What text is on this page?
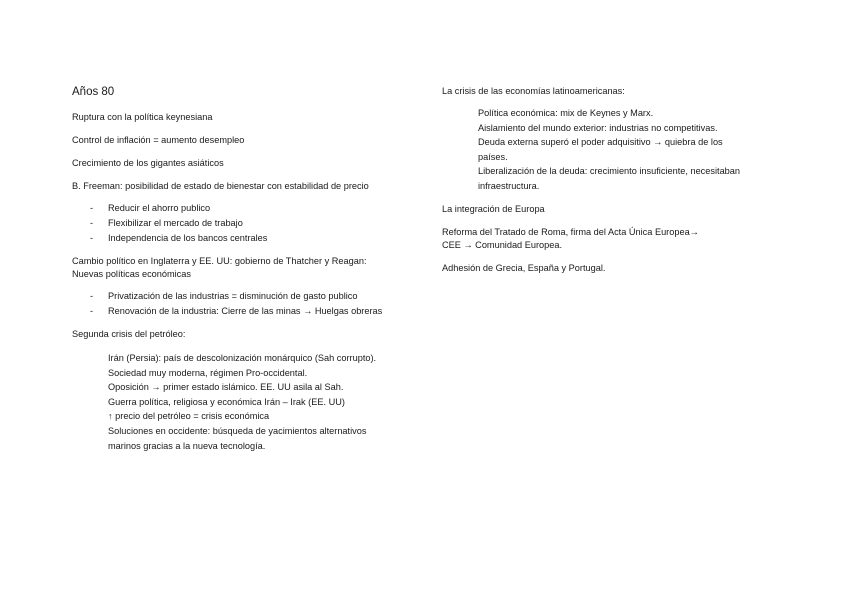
Años 80
Ruptura con la política keynesiana
Control de inflación = aumento desempleo
Crecimiento de los gigantes asiáticos
B. Freeman: posibilidad de estado de bienestar con estabilidad de precio
- Reducir el ahorro publico
- Flexibilizar el mercado de trabajo
- Independencia de los bancos centrales
Cambio político en Inglaterra y EE. UU: gobierno de Thatcher y Reagan:
Nuevas políticas económicas
- Privatización de las industrias = disminución de gasto publico
- Renovación de la industria: Cierre de las minas → Huelgas obreras
Segunda crisis del petróleo:
Irán (Persia): país de descolonización monárquico (Sah corrupto).
Sociedad muy moderna, régimen Pro-occidental.
Oposición → primer estado islámico. EE. UU asila al Sah.
Guerra política, religiosa y económica Irán – Irak (EE. UU)
↑ precio del petróleo = crisis económica
Soluciones en occidente: búsqueda de yacimientos alternativos
marinos gracias a la nueva tecnología.
La crisis de las economías latinoamericanas:
Política económica: mix de Keynes y Marx.
Aislamiento del mundo exterior: industrias no competitivas.
Deuda externa superó el poder adquisitivo → quiebra de los
países.
Liberalización de la deuda: crecimiento insuficiente, necesitaban
infraestructura.
La integración de Europa
Reforma del Tratado de Roma, firma del Acta Única Europea→
CEE → Comunidad Europea.
Adhesión de Grecia, España y Portugal.
